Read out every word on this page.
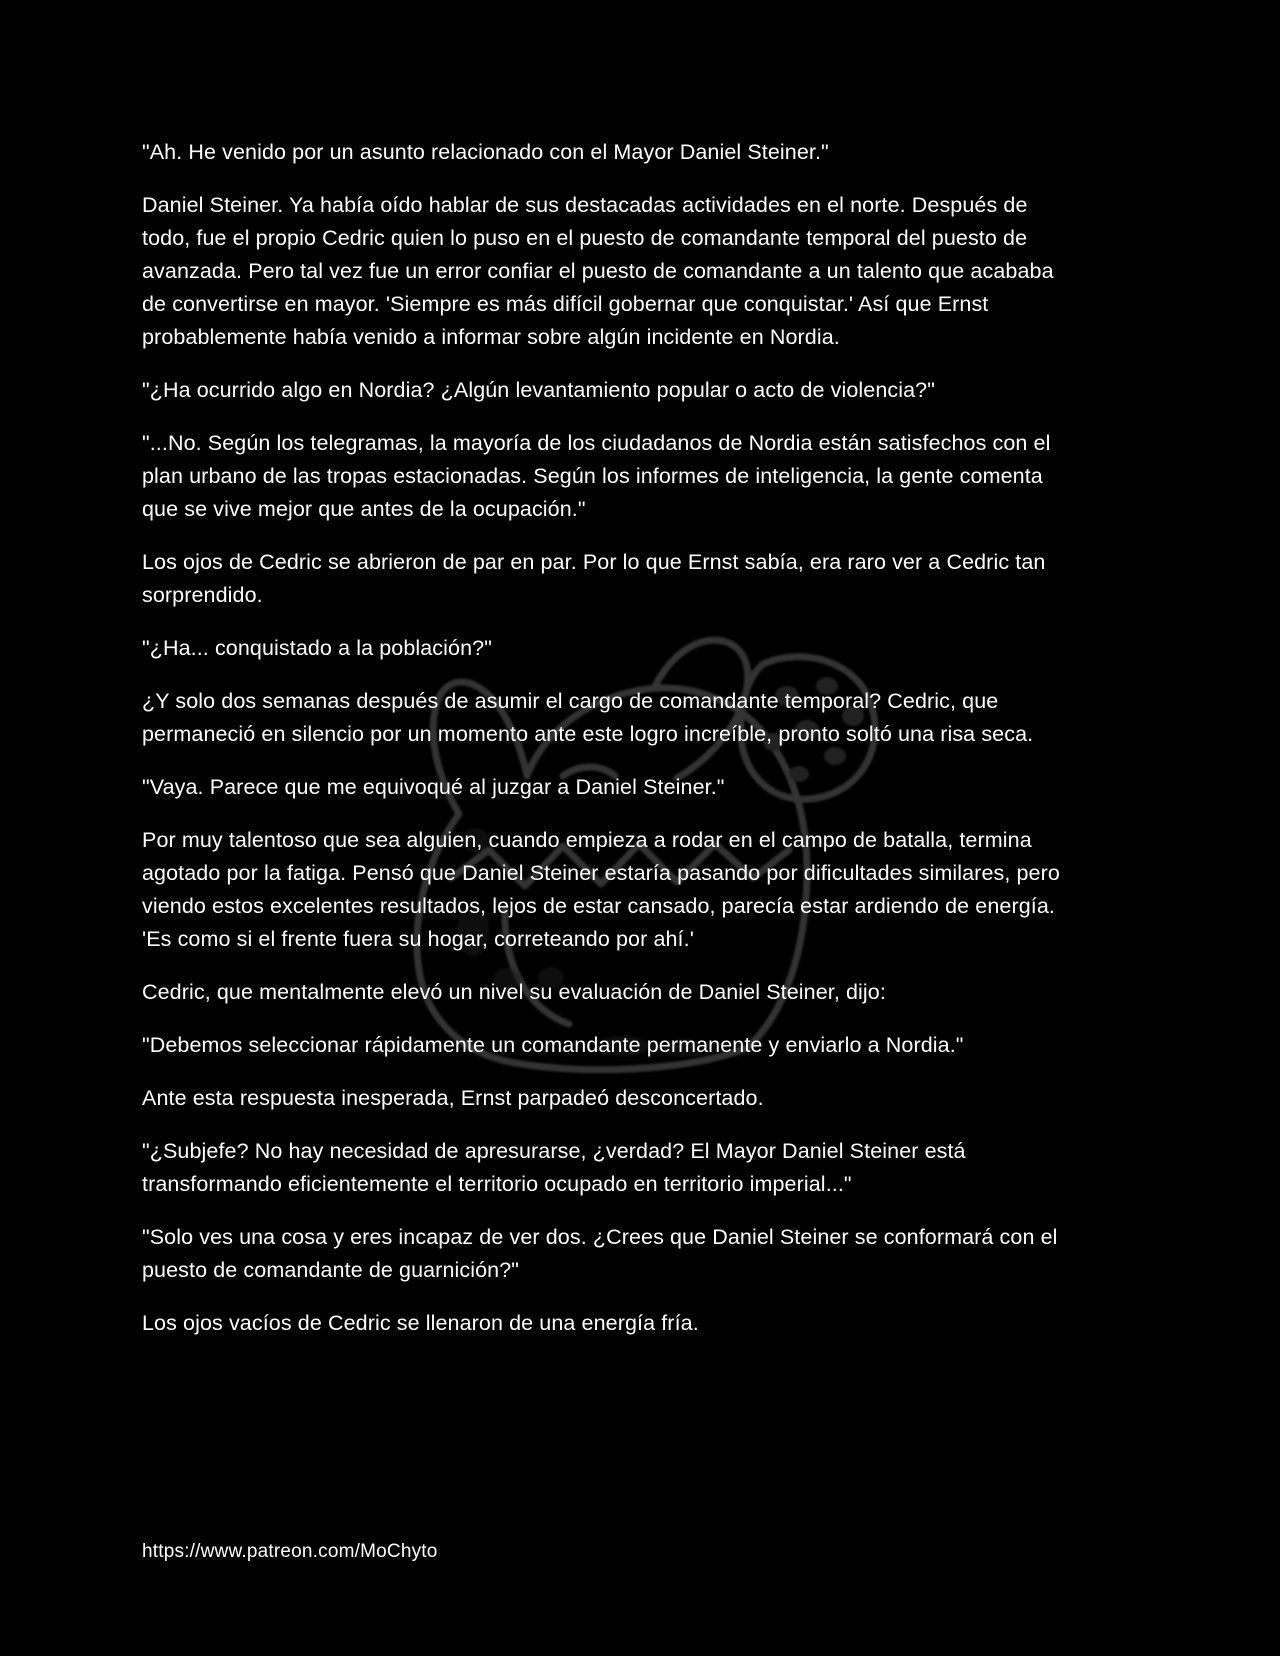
"Ah. He venido por un asunto relacionado con el Mayor Daniel Steiner."

Daniel Steiner. Ya había oído hablar de sus destacadas actividades en el norte. Después de todo, fue el propio Cedric quien lo puso en el puesto de comandante temporal del puesto de avanzada. Pero tal vez fue un error confiar el puesto de comandante a un talento que acababa de convertirse en mayor. 'Siempre es más difícil gobernar que conquistar.' Así que Ernst probablemente había venido a informar sobre algún incidente en Nordia.

"¿Ha ocurrido algo en Nordia? ¿Algún levantamiento popular o acto de violencia?"

"...No. Según los telegramas, la mayoría de los ciudadanos de Nordia están satisfechos con el plan urbano de las tropas estacionadas. Según los informes de inteligencia, la gente comenta que se vive mejor que antes de la ocupación."

Los ojos de Cedric se abrieron de par en par. Por lo que Ernst sabía, era raro ver a Cedric tan sorprendido.

"¿Ha... conquistado a la población?"

¿Y solo dos semanas después de asumir el cargo de comandante temporal? Cedric, que permaneció en silencio por un momento ante este logro increíble, pronto soltó una risa seca.

"Vaya. Parece que me equivoqué al juzgar a Daniel Steiner."

Por muy talentoso que sea alguien, cuando empieza a rodar en el campo de batalla, termina agotado por la fatiga. Pensó que Daniel Steiner estaría pasando por dificultades similares, pero viendo estos excelentes resultados, lejos de estar cansado, parecía estar ardiendo de energía. 'Es como si el frente fuera su hogar, correteando por ahí.'

Cedric, que mentalmente elevó un nivel su evaluación de Daniel Steiner, dijo:

"Debemos seleccionar rápidamente un comandante permanente y enviarlo a Nordia."

Ante esta respuesta inesperada, Ernst parpadeó desconcertado.

"¿Subjefe? No hay necesidad de apresurarse, ¿verdad? El Mayor Daniel Steiner está transformando eficientemente el territorio ocupado en territorio imperial..."

"Solo ves una cosa y eres incapaz de ver dos. ¿Crees que Daniel Steiner se conformará con el puesto de comandante de guarnición?"

Los ojos vacíos de Cedric se llenaron de una energía fría.

https://www.patreon.com/MoChyto
